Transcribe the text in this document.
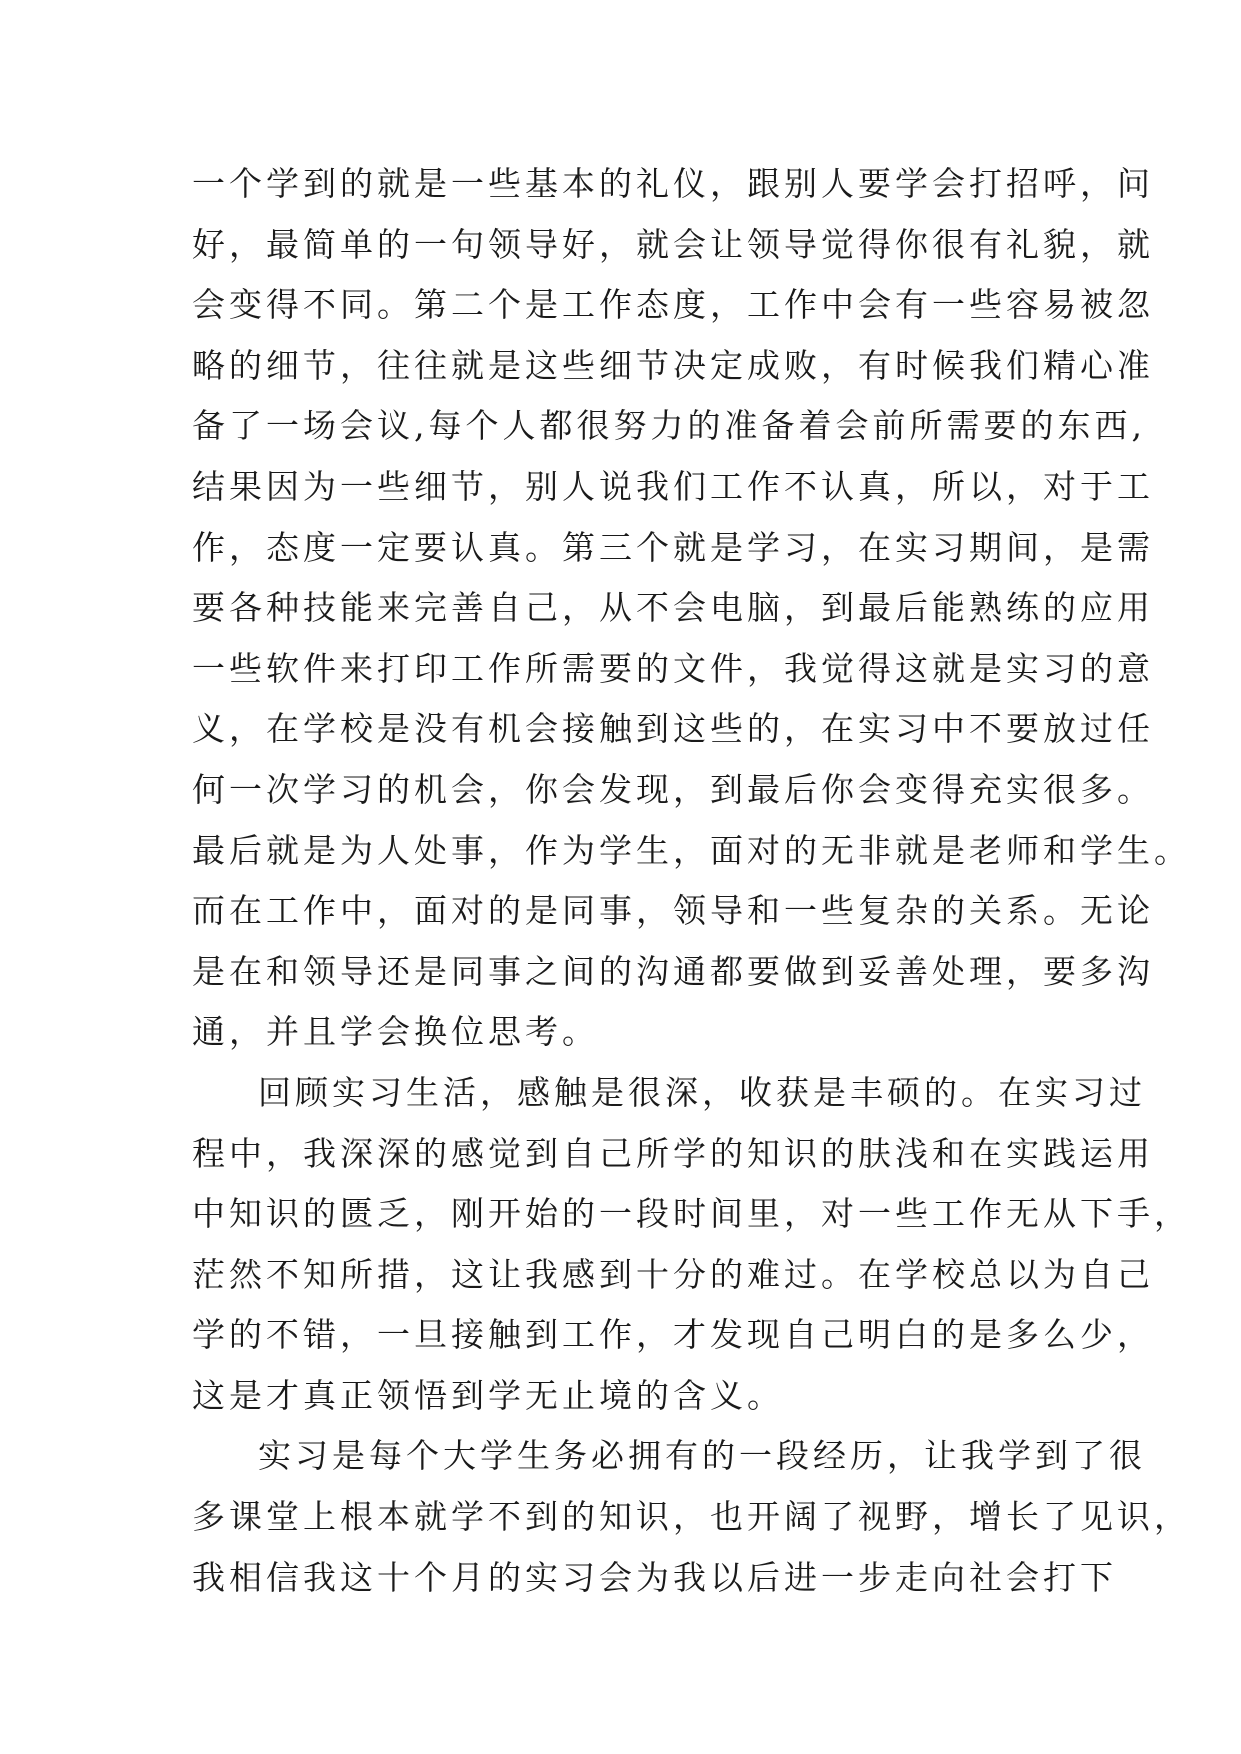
一个学到的就是一些基本的礼仪，跟别人要学会打招呼，问
好，最简单的一句领导好，就会让领导觉得你很有礼貌，就
会变得不同。第二个是工作态度，工作中会有一些容易被忽
略的细节，往往就是这些细节决定成败，有时候我们精心准
备了一场会议,每个人都很努力的准备着会前所需要的东西,
结果因为一些细节，别人说我们工作不认真，所以，对于工
作，态度一定要认真。第三个就是学习，在实习期间，是需
要各种技能来完善自己，从不会电脑，到最后能熟练的应用
一些软件来打印工作所需要的文件，我觉得这就是实习的意
义，在学校是没有机会接触到这些的，在实习中不要放过任
何一次学习的机会，你会发现，到最后你会变得充实很多。
最后就是为人处事，作为学生，面对的无非就是老师和学生。
而在工作中，面对的是同事，领导和一些复杂的关系。无论
是在和领导还是同事之间的沟通都要做到妥善处理，要多沟
通，并且学会换位思考。
回顾实习生活，感触是很深，收获是丰硕的。在实习过
程中，我深深的感觉到自己所学的知识的肤浅和在实践运用
中知识的匮乏，刚开始的一段时间里，对一些工作无从下手，
茫然不知所措，这让我感到十分的难过。在学校总以为自己
学的不错，一旦接触到工作，才发现自己明白的是多么少，
这是才真正领悟到学无止境的含义。
实习是每个大学生务必拥有的一段经历，让我学到了很
多课堂上根本就学不到的知识，也开阔了视野，增长了见识，
我相信我这十个月的实习会为我以后进一步走向社会打下
